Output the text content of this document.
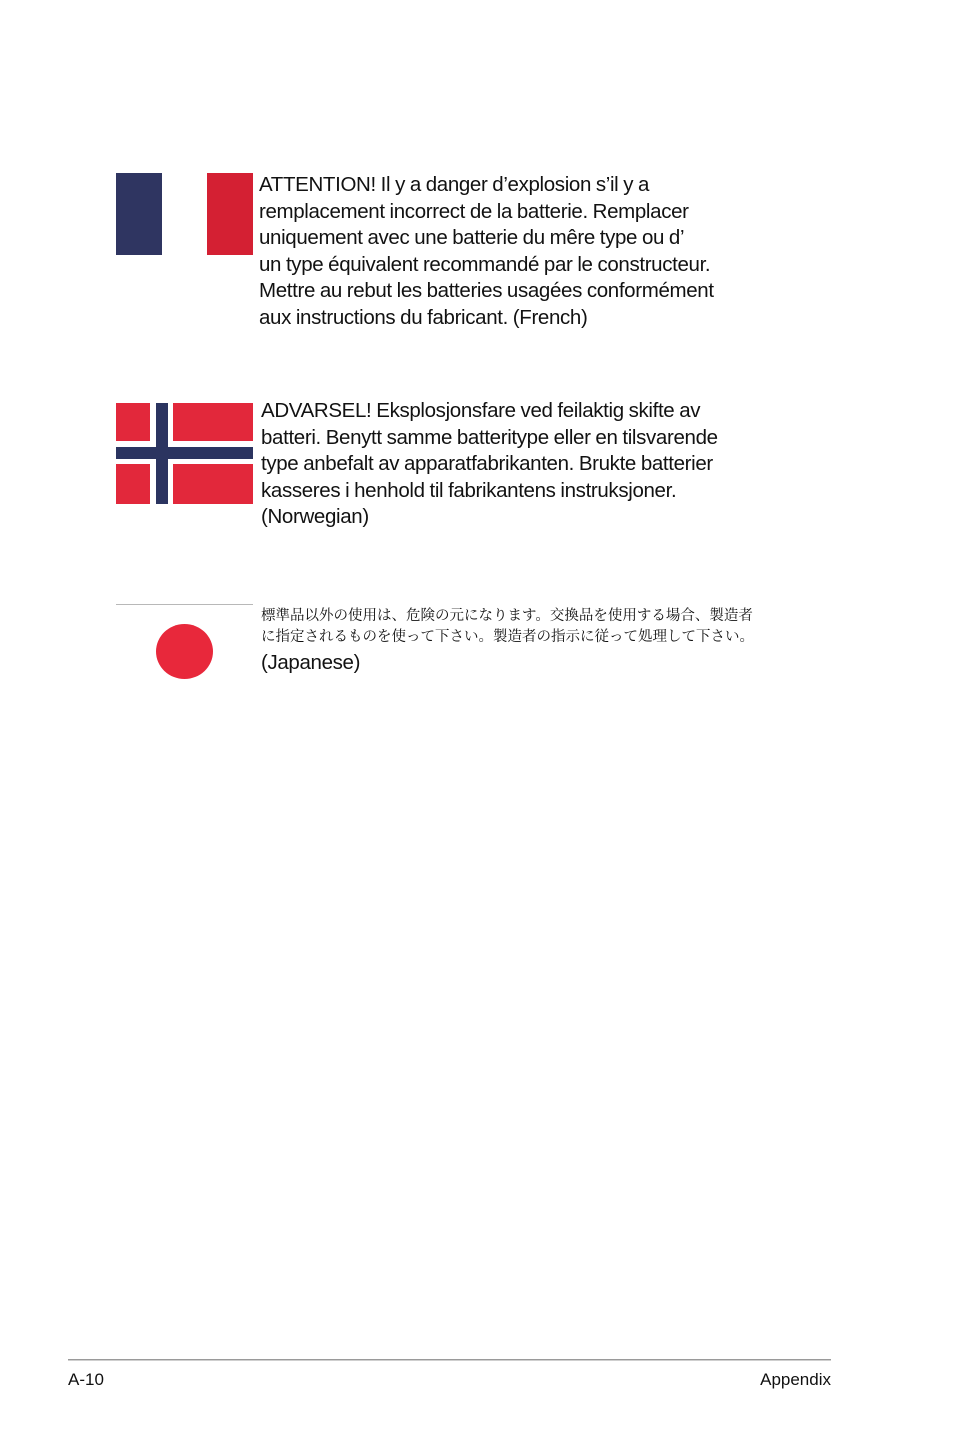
ATTENTION! Il y a danger d’explosion s’il y a
remplacement incorrect de la batterie. Remplacer
uniquement avec une batterie du mêre type ou d’
un type équivalent recommandé par le constructeur.
Mettre au rebut les batteries usagées conformément
aux instructions du fabricant. (French)
ADVARSEL! Eksplosjonsfare ved feilaktig skifte av
batteri. Benytt samme batteritype eller en tilsvarende
type anbefalt av apparatfabrikanten. Brukte batterier
kasseres i henhold til fabrikantens instruksjoner.
(Norwegian)
標準品以外の使用は、危険の元になります。交換品を使用する場合、製造者
に指定されるものを使って下さい。製造者の指示に従って処理して下さい。
(Japanese)
A-10	Appendix
